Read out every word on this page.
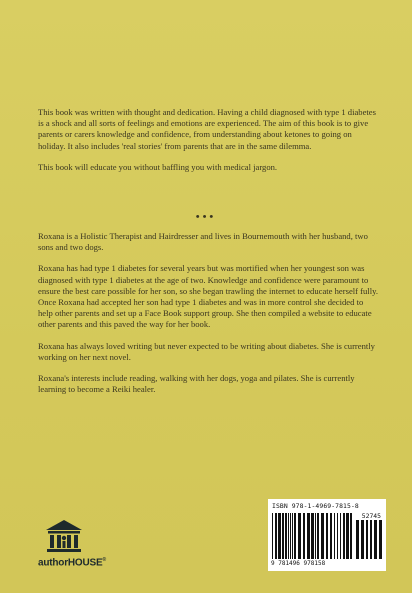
This book was written with thought and dedication. Having a child diagnosed with type 1 diabetes is a shock and all sorts of feelings and emotions are experienced. The aim of this book is to give parents or carers knowledge and confidence, from understanding about ketones to going on holiday. It also includes 'real stories' from parents that are in the same dilemma.

This book will educate you without baffling you with medical jargon.

•••

Roxana is a Holistic Therapist and Hairdresser and lives in Bournemouth with her husband, two sons and two dogs.

Roxana has had type 1 diabetes for several years but was mortified when her youngest son was diagnosed with type 1 diabetes at the age of two. Knowledge and confidence were paramount to ensure the best care possible for her son, so she began trawling the internet to educate herself fully. Once Roxana had accepted her son had type 1 diabetes and was in more control she decided to help other parents and set up a Face Book support group. She then compiled a website to educate other parents and this paved the way for her book.

Roxana has always loved writing but never expected to be writing about diabetes. She is currently working on her next novel.

Roxana's interests include reading, walking with her dogs, yoga and pilates. She is currently learning to become a Reiki healer.

authorHOUSE®
ISBN 978-1-4969-7815-8
52745
9 781496 978158
